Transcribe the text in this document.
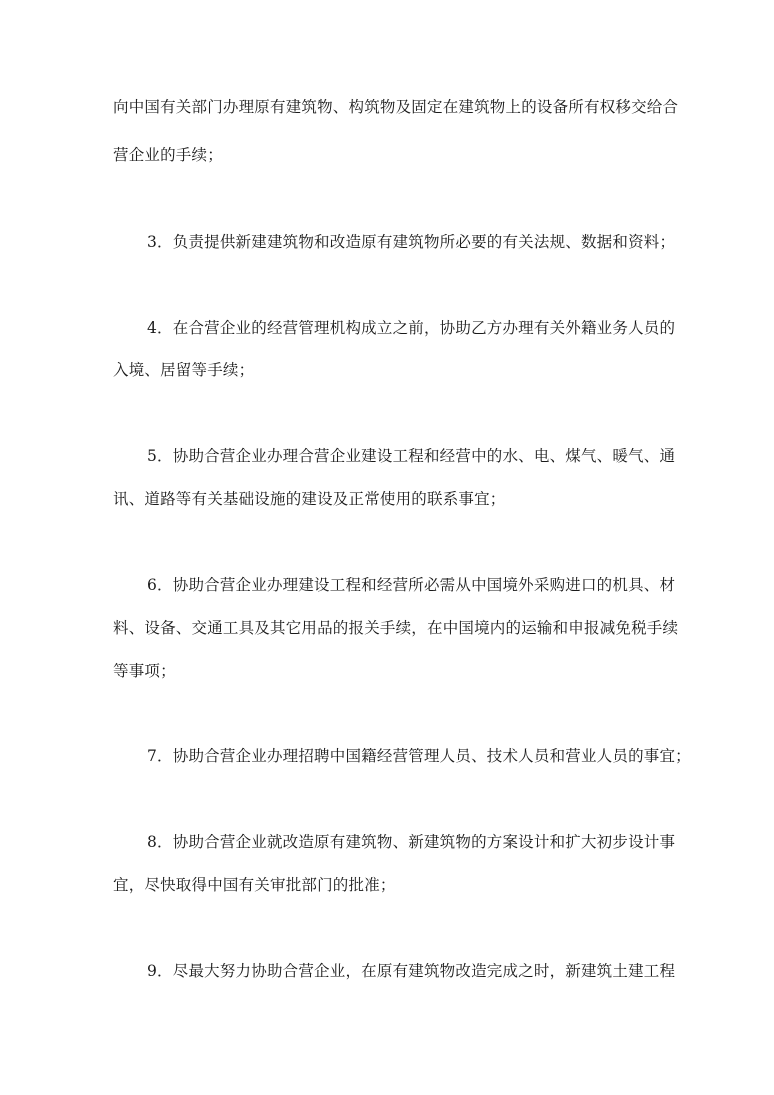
向中国有关部门办理原有建筑物、构筑物及固定在建筑物上的设备所有权移交给合
营企业的手续；
3．负责提供新建建筑物和改造原有建筑物所必要的有关法规、数据和资料；
4．在合营企业的经营管理机构成立之前，协助乙方办理有关外籍业务人员的
入境、居留等手续；
5．协助合营企业办理合营企业建设工程和经营中的水、电、煤气、暖气、通
讯、道路等有关基础设施的建设及正常使用的联系事宜；
6．协助合营企业办理建设工程和经营所必需从中国境外采购进口的机具、材
料、设备、交通工具及其它用品的报关手续，在中国境内的运输和申报减免税手续
等事项；
7．协助合营企业办理招聘中国籍经营管理人员、技术人员和营业人员的事宜；
8．协助合营企业就改造原有建筑物、新建筑物的方案设计和扩大初步设计事
宜，尽快取得中国有关审批部门的批准；
9．尽最大努力协助合营企业，在原有建筑物改造完成之时，新建筑土建工程
